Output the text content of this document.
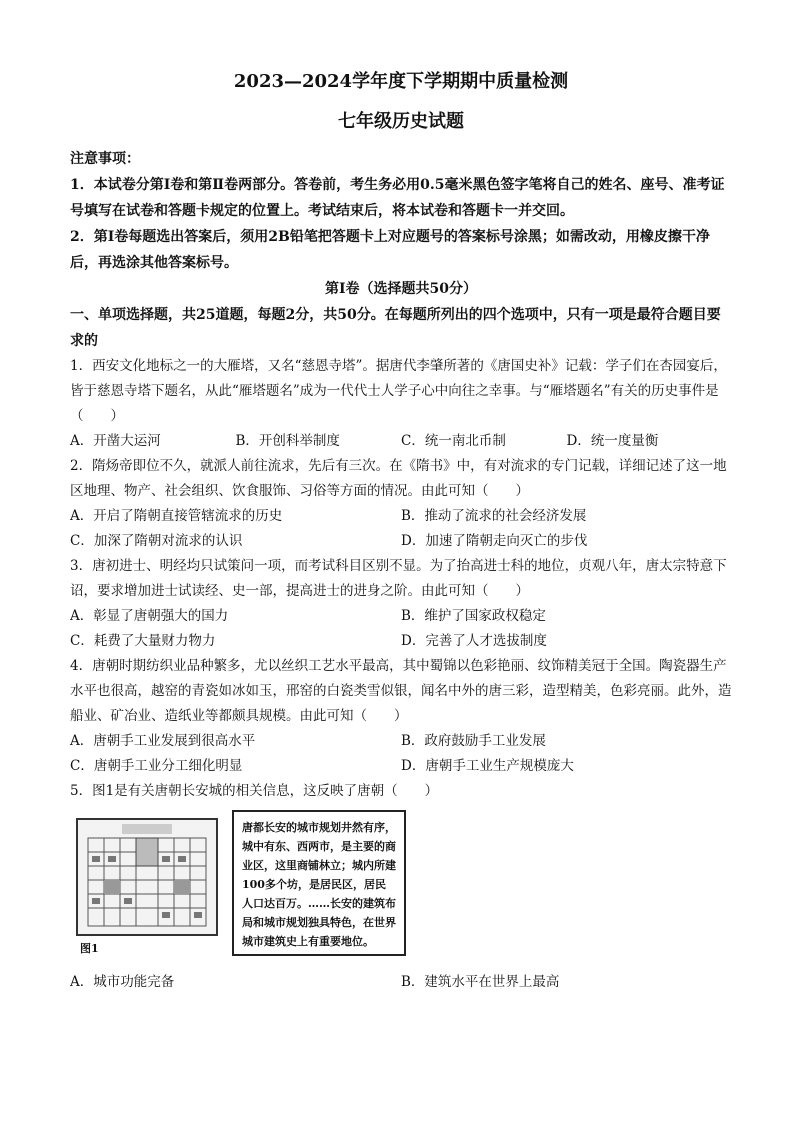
2023—2024学年度下学期期中质量检测

七年级历史试题

注意事项：

1．本试卷分第Ⅰ卷和第Ⅱ卷两部分。答卷前，考生务必用0.5毫米黑色签字笔将自己的姓名、座号、准考证号填写在试卷和答题卡规定的位置上。考试结束后，将本试卷和答题卡一并交回。

2．第Ⅰ卷每题选出答案后，须用2B铅笔把答题卡上对应题号的答案标号涂黑；如需改动，用橡皮擦干净后，再选涂其他答案标号。

第Ⅰ卷（选择题共50分）

一、单项选择题，共25道题，每题2分，共50分。在每题所列出的四个选项中，只有一项是最符合题目要求的

1．西安文化地标之一的大雁塔，又名“慈恩寺塔”。据唐代李肇所著的《唐国史补》记载：学子们在杏园宴后，皆于慈恩寺塔下题名，从此“雁塔题名”成为一代代士人学子心中向往之幸事。与“雁塔题名”有关的历史事件是（　　）

A．开凿大运河	B．开创科举制度	C．统一南北币制	D．统一度量衡

2．隋炀帝即位不久，就派人前往流求，先后有三次。在《隋书》中，有对流求的专门记载，详细记述了这一地区地理、物产、社会组织、饮食服饰、习俗等方面的情况。由此可知（　　）

A．开启了隋朝直接管辖流求的历史	B．推动了流求的社会经济发展
C．加深了隋朝对流求的认识	D．加速了隋朝走向灭亡的步伐

3．唐初进士、明经均只试策问一项，而考试科目区别不显。为了抬高进士科的地位，贞观八年，唐太宗特意下诏，要求增加进士试读经、史一部，提高进士的进身之阶。由此可知（　　）

A．彰显了唐朝强大的国力	B．维护了国家政权稳定
C．耗费了大量财力物力	D．完善了人才选拔制度

4．唐朝时期纺织业品种繁多，尤以丝织工艺水平最高，其中蜀锦以色彩艳丽、纹饰精美冠于全国。陶瓷器生产水平也很高，越窑的青瓷如冰如玉，邢窑的白瓷类雪似银，闻名中外的唐三彩，造型精美，色彩亮丽。此外，造船业、矿冶业、造纸业等都颇具规模。由此可知（　　）

A．唐朝手工业发展到很高水平	B．政府鼓励手工业发展
C．唐朝手工业分工细化明显	D．唐朝手工业生产规模庞大

5．图1是有关唐朝长安城的相关信息，这反映了唐朝（　　）

图1
唐都长安的城市规划井然有序，城中有东、西两市，是主要的商业区，这里商铺林立；城内所建100多个坊，是居民区，居民人口达百万。……长安的建筑布局和城市规划独具特色，在世界城市建筑史上有重要地位。
A．城市功能完备	B．建筑水平在世界上最高
